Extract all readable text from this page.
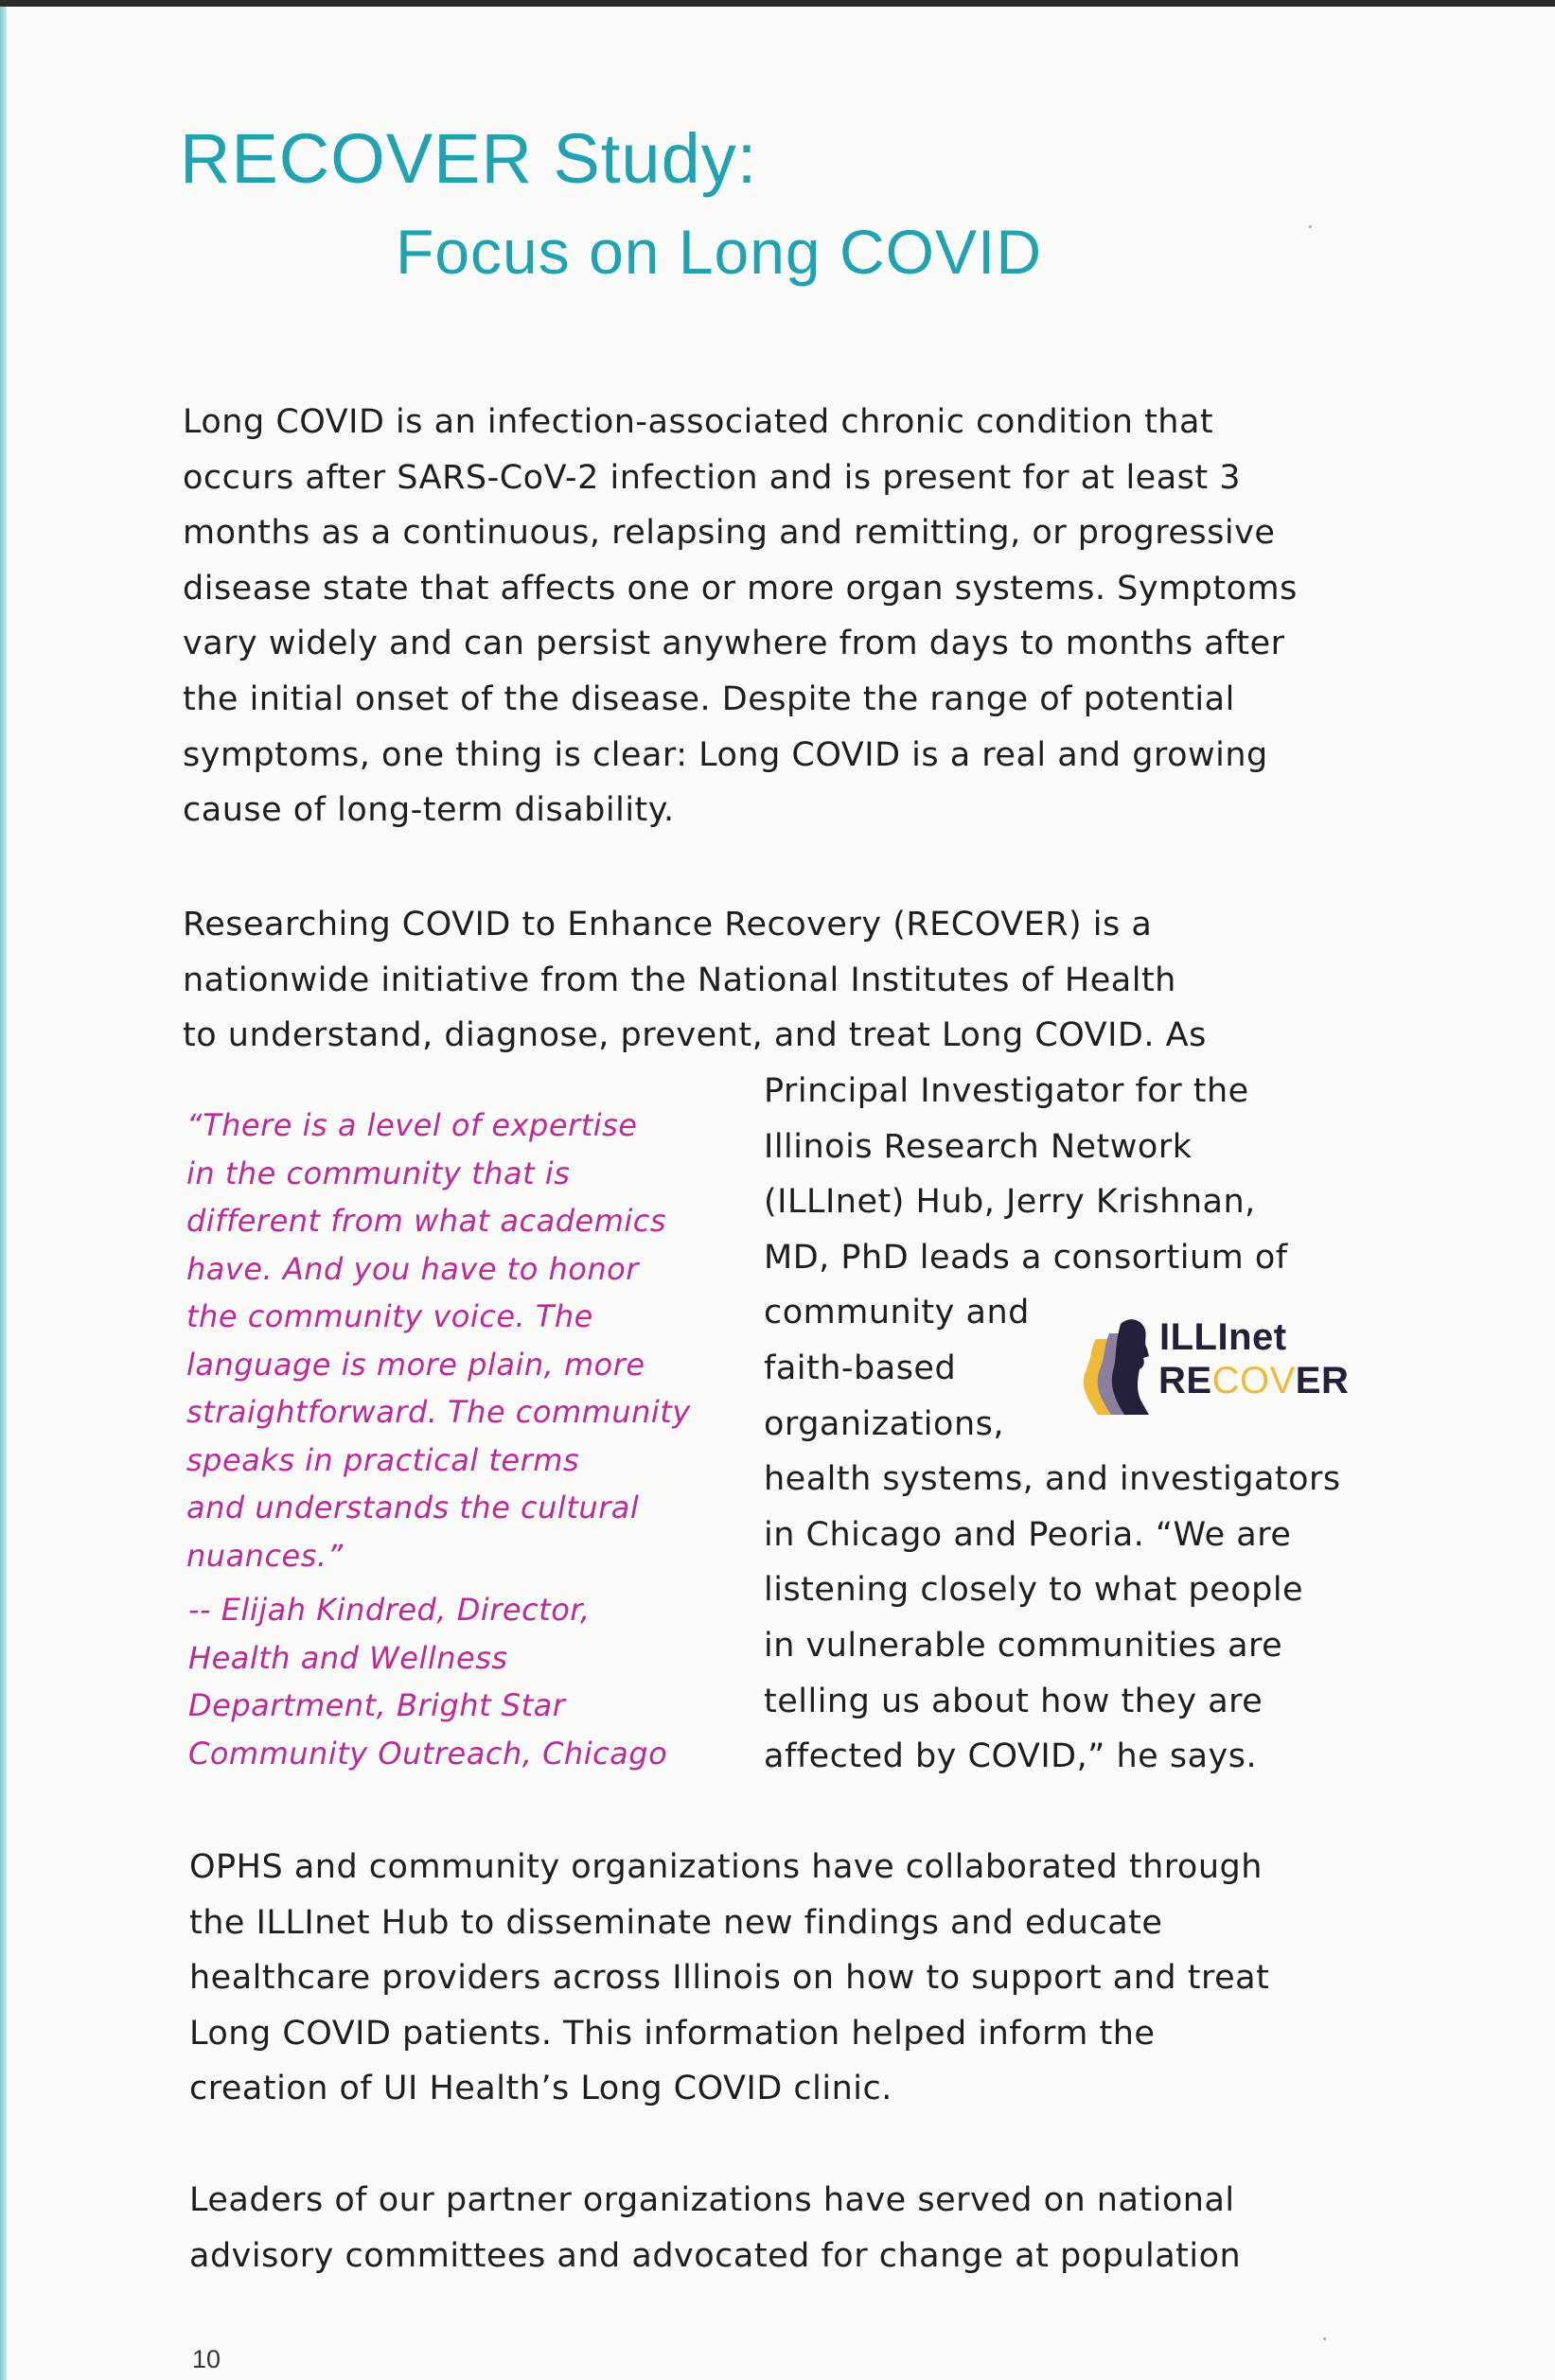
RECOVER Study:
Focus on Long COVID

Long COVID is an infection-associated chronic condition that
occurs after SARS-CoV-2 infection and is present for at least 3
months as a continuous, relapsing and remitting, or progressive
disease state that affects one or more organ systems. Symptoms
vary widely and can persist anywhere from days to months after
the initial onset of the disease. Despite the range of potential
symptoms, one thing is clear: Long COVID is a real and growing
cause of long-term disability.

Researching COVID to Enhance Recovery (RECOVER) is a
nationwide initiative from the National Institutes of Health
to understand, diagnose, prevent, and treat Long COVID. As

“There is a level of expertise
in the community that is
different from what academics
have. And you have to honor
the community voice. The
language is more plain, more
straightforward. The community
speaks in practical terms
and understands the cultural
nuances.”

-- Elijah Kindred, Director,
Health and Wellness
Department, Bright Star
Community Outreach, Chicago

Principal Investigator for the
Illinois Research Network
(ILLInet) Hub, Jerry Krishnan,
MD, PhD leads a consortium of
community and
faith-based
organizations,
health systems, and investigators
in Chicago and Peoria. “We are
listening closely to what people
in vulnerable communities are
telling us about how they are
affected by COVID,” he says.

ILLInet
RECOVER

OPHS and community organizations have collaborated through
the ILLInet Hub to disseminate new findings and educate
healthcare providers across Illinois on how to support and treat
Long COVID patients. This information helped inform the
creation of UI Health’s Long COVID clinic.

Leaders of our partner organizations have served on national
advisory committees and advocated for change at population

10
